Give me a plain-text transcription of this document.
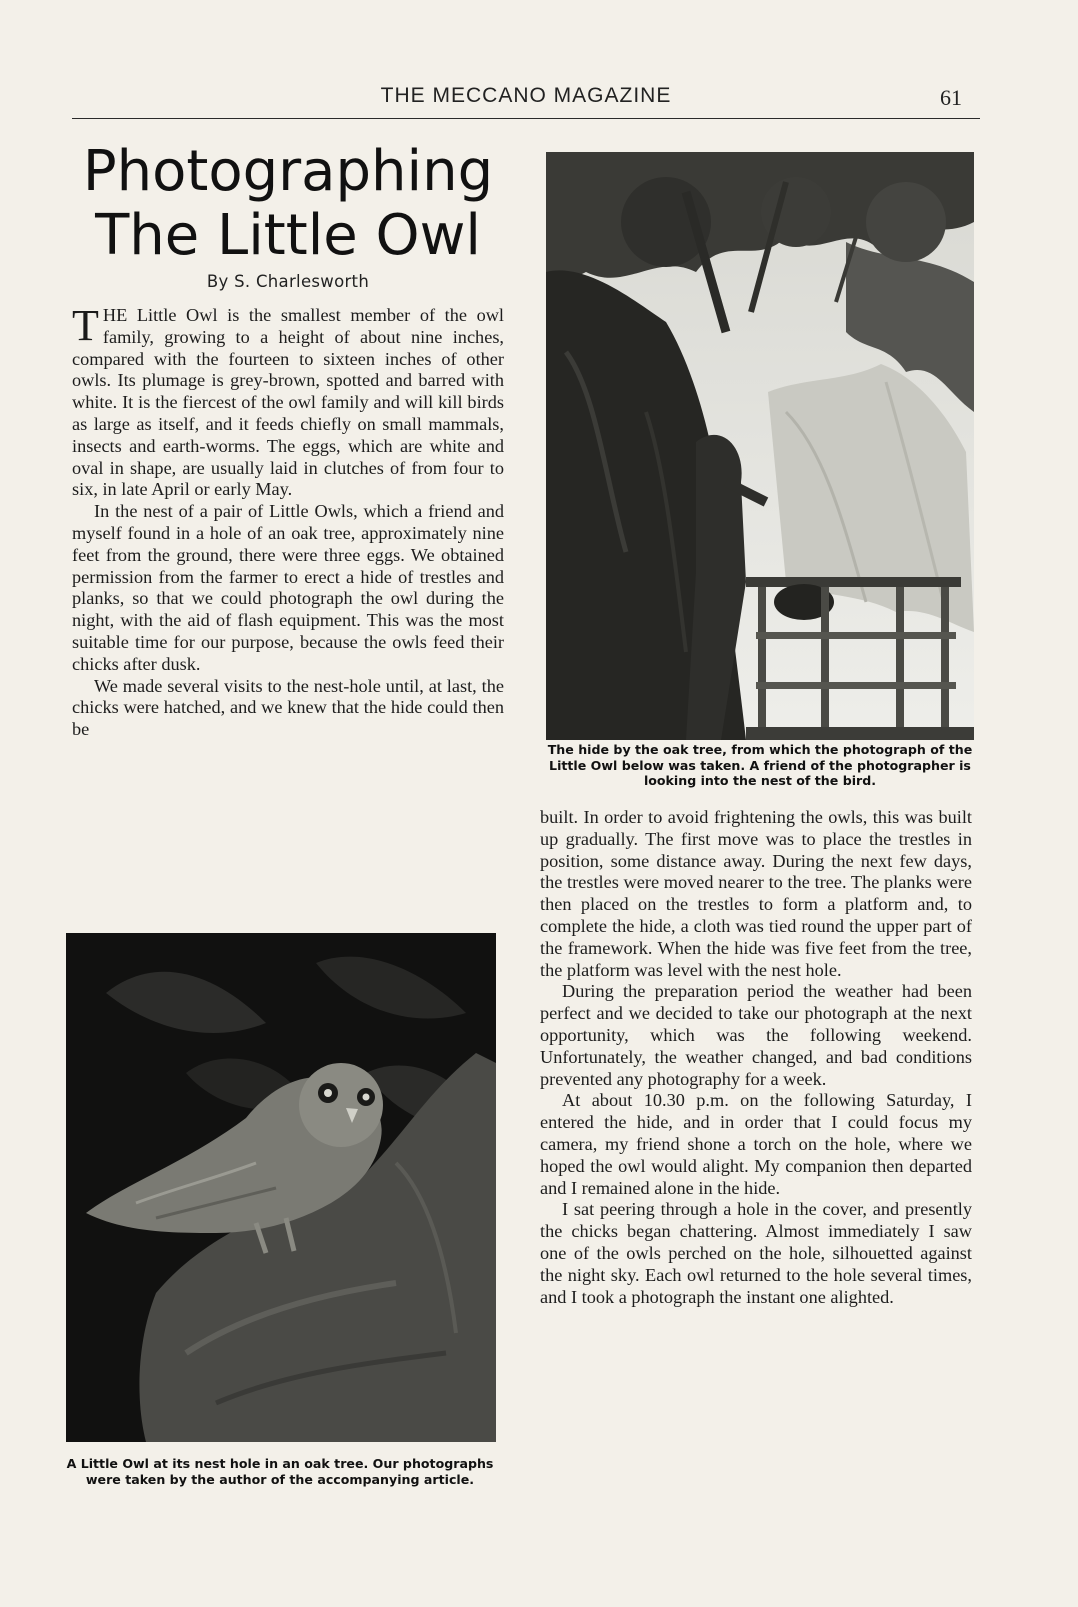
THE MECCANO MAGAZINE	61
Photographing
The Little Owl
By S. Charlesworth

THE Little Owl is the smallest member of the owl family, growing to a height of about nine inches, compared with the fourteen to sixteen inches of other owls. Its plumage is grey-brown, spotted and barred with white. It is the fiercest of the owl family and will kill birds as large as itself, and it feeds chiefly on small mammals, insects and earth-worms. The eggs, which are white and oval in shape, are usually laid in clutches of from four to six, in late April or early May.

In the nest of a pair of Little Owls, which a friend and myself found in a hole of an oak tree, approximately nine feet from the ground, there were three eggs. We obtained permission from the farmer to erect a hide of trestles and planks, so that we could photograph the owl during the night, with the aid of flash equipment. This was the most suitable time for our purpose, because the owls feed their chicks after dusk.

We made several visits to the nest-hole until, at last, the chicks were hatched, and we knew that the hide could then be

The hide by the oak tree, from which the photograph of the Little Owl below was taken. A friend of the photographer is looking into the nest of the bird.

built. In order to avoid frightening the owls, this was built up gradually. The first move was to place the trestles in position, some distance away. During the next few days, the trestles were moved nearer to the tree. The planks were then placed on the trestles to form a platform and, to complete the hide, a cloth was tied round the upper part of the framework. When the hide was five feet from the tree, the platform was level with the nest hole.

During the preparation period the weather had been perfect and we decided to take our photograph at the next opportunity, which was the following weekend. Unfortunately, the weather changed, and bad conditions prevented any photography for a week.

At about 10.30 p.m. on the following Saturday, I entered the hide, and in order that I could focus my camera, my friend shone a torch on the hole, where we hoped the owl would alight. My companion then departed and I remained alone in the hide.

I sat peering through a hole in the cover, and presently the chicks began chattering. Almost immediately I saw one of the owls perched on the hole, silhouetted against the night sky. Each owl returned to the hole several times, and I took a photograph the instant one alighted.

A Little Owl at its nest hole in an oak tree. Our photographs were taken by the author of the accompanying article.
